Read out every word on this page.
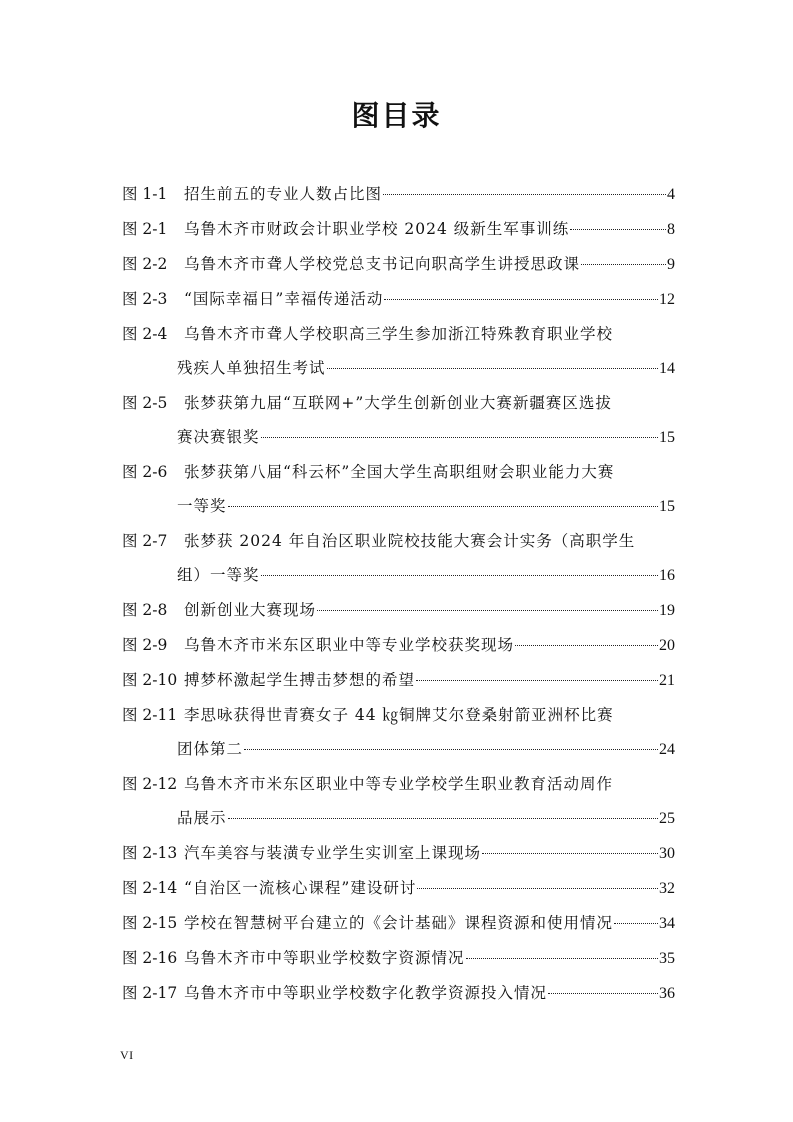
图目录
图 1-1	招生前五的专业人数占比图	4
图 2-1	乌鲁木齐市财政会计职业学校 2024 级新生军事训练	8
图 2-2	乌鲁木齐市聋人学校党总支书记向职高学生讲授思政课	9
图 2-3	“国际幸福日”幸福传递活动	12
图 2-4	乌鲁木齐市聋人学校职高三学生参加浙江特殊教育职业学校
残疾人单独招生考试	14
图 2-5	张梦获第九届“互联网+”大学生创新创业大赛新疆赛区选拔
赛决赛银奖	15
图 2-6	张梦获第八届“科云杯”全国大学生高职组财会职业能力大赛
一等奖	15
图 2-7	张梦获 2024 年自治区职业院校技能大赛会计实务（高职学生
组）一等奖	16
图 2-8	创新创业大赛现场	19
图 2-9	乌鲁木齐市米东区职业中等专业学校获奖现场	20
图 2-10 搏梦杯激起学生搏击梦想的希望	21
图 2-11 李思咏获得世青赛女子 44 ㎏铜牌艾尔登桑射箭亚洲杯比赛
团体第二	24
图 2-12 乌鲁木齐市米东区职业中等专业学校学生职业教育活动周作
品展示	25
图 2-13 汽车美容与装潢专业学生实训室上课现场	30
图 2-14 “自治区一流核心课程”建设研讨	32
图 2-15 学校在智慧树平台建立的《会计基础》课程资源和使用情况	34
图 2-16 乌鲁木齐市中等职业学校数字资源情况	35
图 2-17 乌鲁木齐市中等职业学校数字化教学资源投入情况	36
VI
